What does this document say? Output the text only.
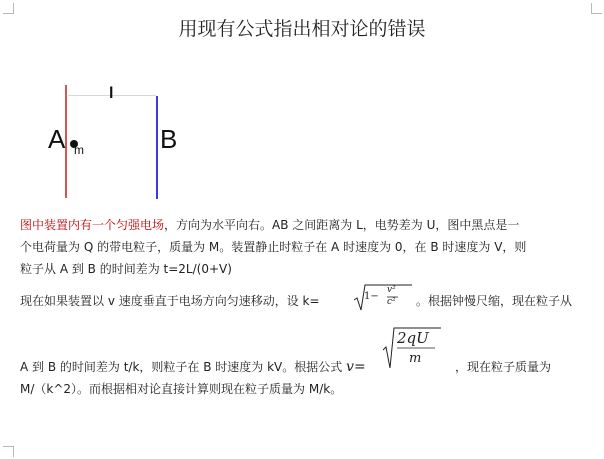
用现有公式指出相对论的错误
l
A m	B
图中装置内有一个匀强电场，方向为水平向右。AB 之间距离为 L，电势差为 U，图中黑点是一
个电荷量为 Q 的带电粒子，质量为 M。装置静止时粒子在 A 时速度为 0，在 B 时速度为 V，则
粒子从 A 到 B 的时间差为 t=2L/(0+V)
现在如果装置以 v 速度垂直于电场方向匀速移动，设 k=	1−
v²
c² 。根据钟慢尺缩，现在粒子从
A 到 B 的时间差为 t/k，则粒子在 B 时速度为 kV。根据公式 v=
2qU
m
，现在粒子质量为
M/（k^2）。而根据相对论直接计算则现在粒子质量为 M/k。
